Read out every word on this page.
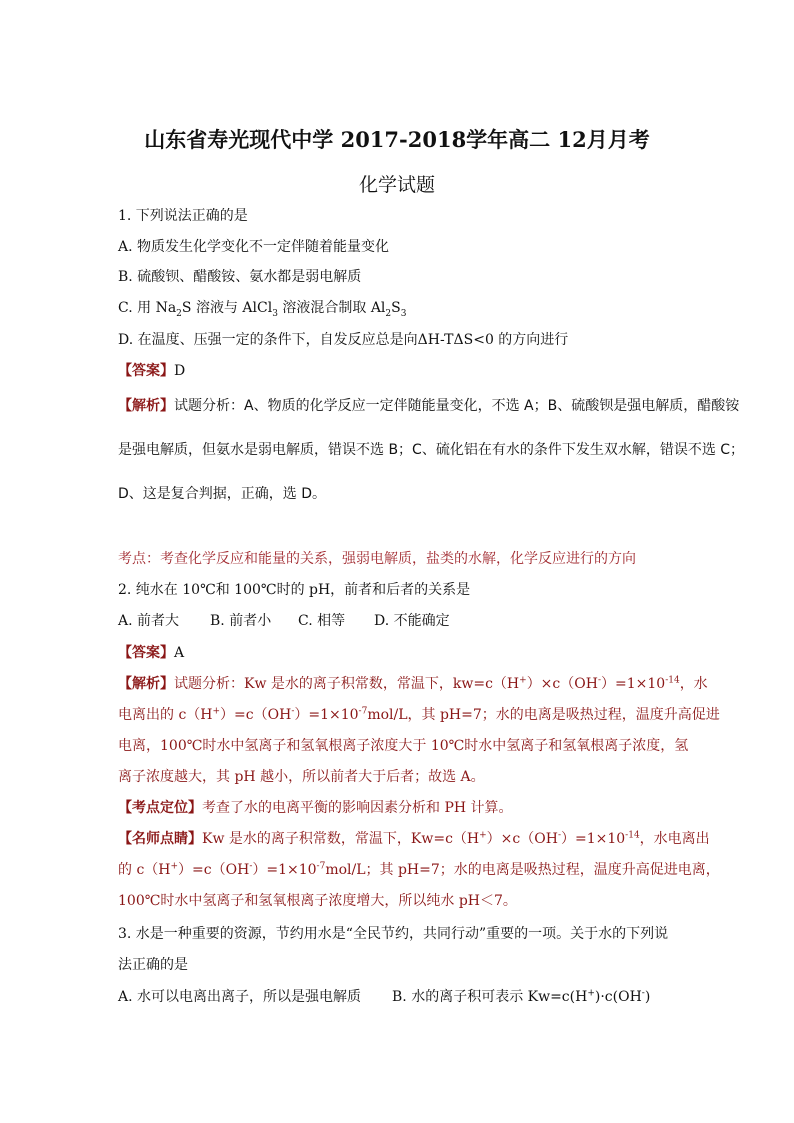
山东省寿光现代中学 2017-2018学年高二 12月月考
化学试题
1. 下列说法正确的是
A. 物质发生化学变化不一定伴随着能量变化
B. 硫酸钡、醋酸铵、氨水都是弱电解质
C. 用 $Na_2S$ 溶液与 AlCl$_3$ 溶液混合制取 $Al_2S_3$
D. 在温度、压强一定的条件下，自发反应总是向ΔH-TΔS<0 的方向进行
【答案】D
【解析】试题分析：A、物质的化学反应一定伴随能量变化，不选 A；B、硫酸钡是强电解质，醋酸铵
是强电解质，但氨水是弱电解质，错误不选 B；C、硫化铝在有水的条件下发生双水解，错误不选 C；
D、这是复合判据，正确，选 D。
考点：考查化学反应和能量的关系，强弱电解质，盐类的水解，化学反应进行的方向
2. 纯水在 10℃和 100℃时的 pH，前者和后者的关系是
A. 前者大 B. 前者小 C. 相等 D. 不能确定
【答案】A
【解析】试题分析：Kw 是水的离子积常数，常温下，$kw=c(H^+)\times c(OH^-)=1\times 10^{-14}$，水
电离出的 $c(H^+)=c(OH^-)=1\times 10^{-7}mol/L$，其 pH=7；水的电离是吸热过程，温度升高促进
电离，100℃时水中氢离子和氢氧根离子浓度大于 10℃时水中氢离子和氢氧根离子浓度，氢
离子浓度越大，其 pH 越小，所以前者大于后者；故选 A。
【考点定位】考查了水的电离平衡的影响因素分析和 PH 计算。
【名师点睛】Kw 是水的离子积常数，常温下，$Kw=c(H^+)\times c(OH^-)=1\times 10^{-14}$，水电离出
的 $c(H^+)=c(OH^-)=1\times 10^{-7}mol/L$；其 pH=7；水的电离是吸热过程，温度升高促进电离，
100℃时水中氢离子和氢氧根离子浓度增大，所以纯水 pH＜7。
3. 水是一种重要的资源，节约用水是“全民节约，共同行动”重要的一项。关于水的下列说
法正确的是
A. 水可以电离出离子，所以是强电解质 B. 水的离子积可表示 Kw=c(H+)·c(OH-)
